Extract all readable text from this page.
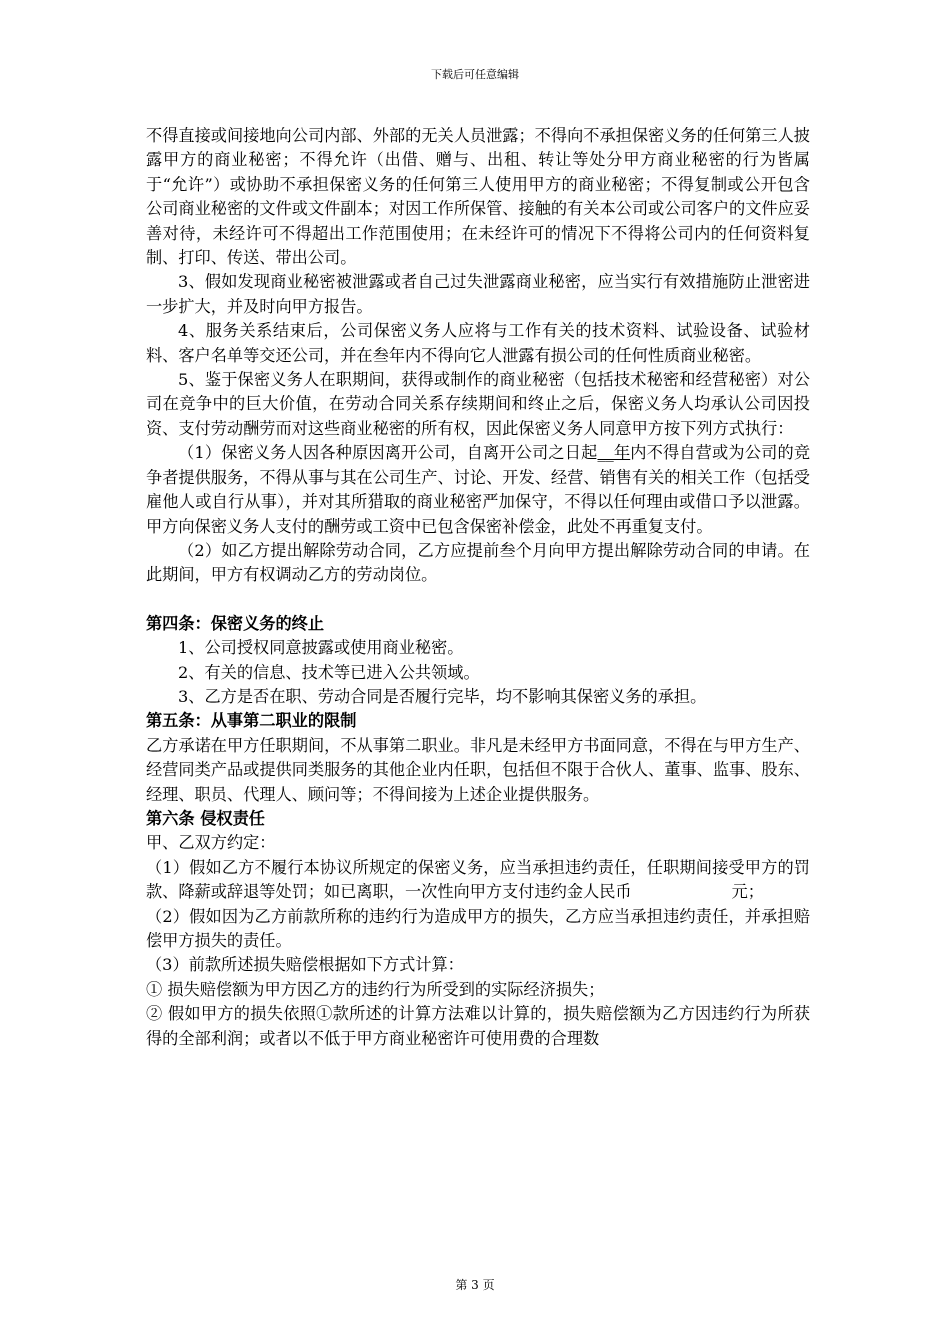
下载后可任意编辑

不得直接或间接地向公司内部、外部的无关人员泄露；不得向不承担保密义务的任何第三人披露甲方的商业秘密；不得允许（出借、赠与、出租、转让等处分甲方商业秘密的行为皆属于“允许”）或协助不承担保密义务的任何第三人使用甲方的商业秘密；不得复制或公开包含公司商业秘密的文件或文件副本；对因工作所保管、接触的有关本公司或公司客户的文件应妥善对待，未经许可不得超出工作范围使用；在未经许可的情况下不得将公司内的任何资料复制、打印、传送、带出公司。

3、假如发现商业秘密被泄露或者自己过失泄露商业秘密，应当实行有效措施防止泄密进一步扩大，并及时向甲方报告。

4、服务关系结束后，公司保密义务人应将与工作有关的技术资料、试验设备、试验材料、客户名单等交还公司，并在叁年内不得向它人泄露有损公司的任何性质商业秘密。

5、鉴于保密义务人在职期间，获得或制作的商业秘密（包括技术秘密和经营秘密）对公司在竞争中的巨大价值，在劳动合同关系存续期间和终止之后，保密义务人均承认公司因投资、支付劳动酬劳而对这些商业秘密的所有权，因此保密义务人同意甲方按下列方式执行：

（1）保密义务人因各种原因离开公司，自离开公司之日起__年内不得自营或为公司的竞争者提供服务，不得从事与其在公司生产、讨论、开发、经营、销售有关的相关工作（包括受雇他人或自行从事），并对其所猎取的商业秘密严加保守，不得以任何理由或借口予以泄露。甲方向保密义务人支付的酬劳或工资中已包含保密补偿金，此处不再重复支付。

（2）如乙方提出解除劳动合同，乙方应提前叁个月向甲方提出解除劳动合同的申请。在此期间，甲方有权调动乙方的劳动岗位。

第四条：保密义务的终止

1、公司授权同意披露或使用商业秘密。

2、有关的信息、技术等已进入公共领域。

3、乙方是否在职、劳动合同是否履行完毕，均不影响其保密义务的承担。

第五条：从事第二职业的限制

乙方承诺在甲方任职期间，不从事第二职业。非凡是未经甲方书面同意，不得在与甲方生产、经营同类产品或提供同类服务的其他企业内任职，包括但不限于合伙人、董事、监事、股东、经理、职员、代理人、顾问等；不得间接为上述企业提供服务。

第六条 侵权责任

甲、乙双方约定：

（1）假如乙方不履行本协议所规定的保密义务，应当承担违约责任，任职期间接受甲方的罚款、降薪或辞退等处罚；如已离职，一次性向甲方支付违约金人民币	元；

（2）假如因为乙方前款所称的违约行为造成甲方的损失，乙方应当承担违约责任，并承担赔偿甲方损失的责任。

（3）前款所述损失赔偿根据如下方式计算：

① 损失赔偿额为甲方因乙方的违约行为所受到的实际经济损失；

② 假如甲方的损失依照①款所述的计算方法难以计算的，损失赔偿额为乙方因违约行为所获得的全部利润；或者以不低于甲方商业秘密许可使用费的合理数

第 3 页
